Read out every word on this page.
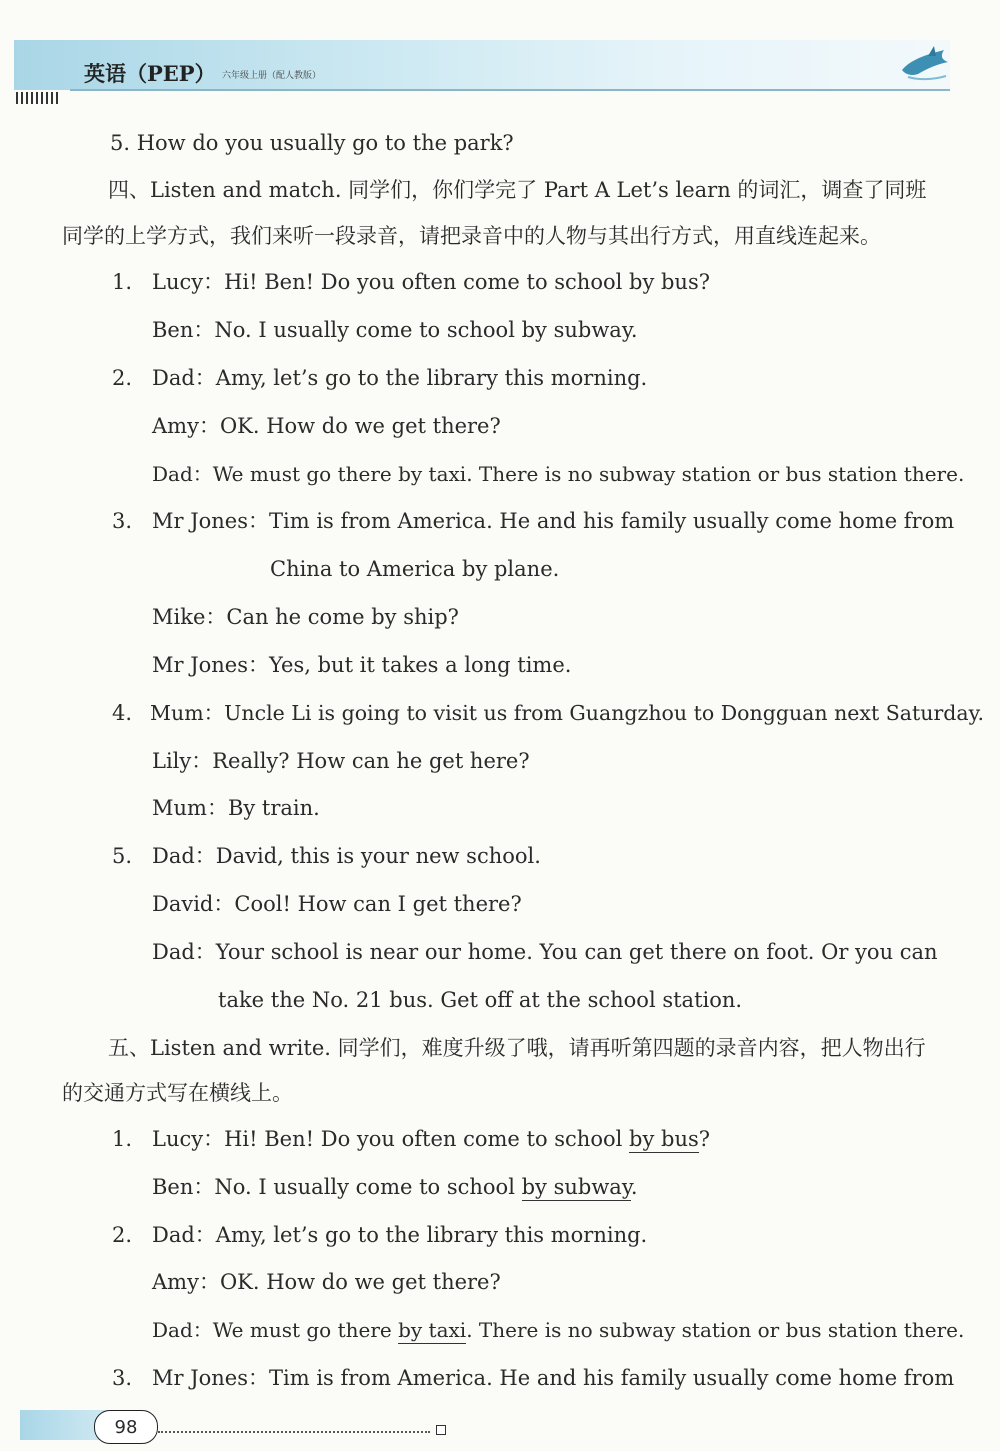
英语（PEP） 六年级上册（配人教版）
5. How do you usually go to the park?
四、Listen and match. 同学们，你们学完了 Part A Let’s learn 的词汇，调查了同班
同学的上学方式，我们来听一段录音，请把录音中的人物与其出行方式，用直线连起来。
1. Lucy：Hi! Ben! Do you often come to school by bus?
Ben：No. I usually come to school by subway.
2. Dad：Amy, let’s go to the library this morning.
Amy：OK. How do we get there?
Dad：We must go there by taxi. There is no subway station or bus station there.
3. Mr Jones：Tim is from America. He and his family usually come home from
China to America by plane.
Mike：Can he come by ship?
Mr Jones：Yes, but it takes a long time.
4. Mum：Uncle Li is going to visit us from Guangzhou to Dongguan next Saturday.
Lily：Really? How can he get here?
Mum：By train.
5. Dad：David, this is your new school.
David：Cool! How can I get there?
Dad：Your school is near our home. You can get there on foot. Or you can
take the No. 21 bus. Get off at the school station.
五、Listen and write. 同学们，难度升级了哦，请再听第四题的录音内容，把人物出行
的交通方式写在横线上。
1. Lucy：Hi! Ben! Do you often come to school by bus?
Ben：No. I usually come to school by subway.
2. Dad：Amy, let’s go to the library this morning.
Amy：OK. How do we get there?
Dad：We must go there by taxi. There is no subway station or bus station there.
3. Mr Jones：Tim is from America. He and his family usually come home from
98
